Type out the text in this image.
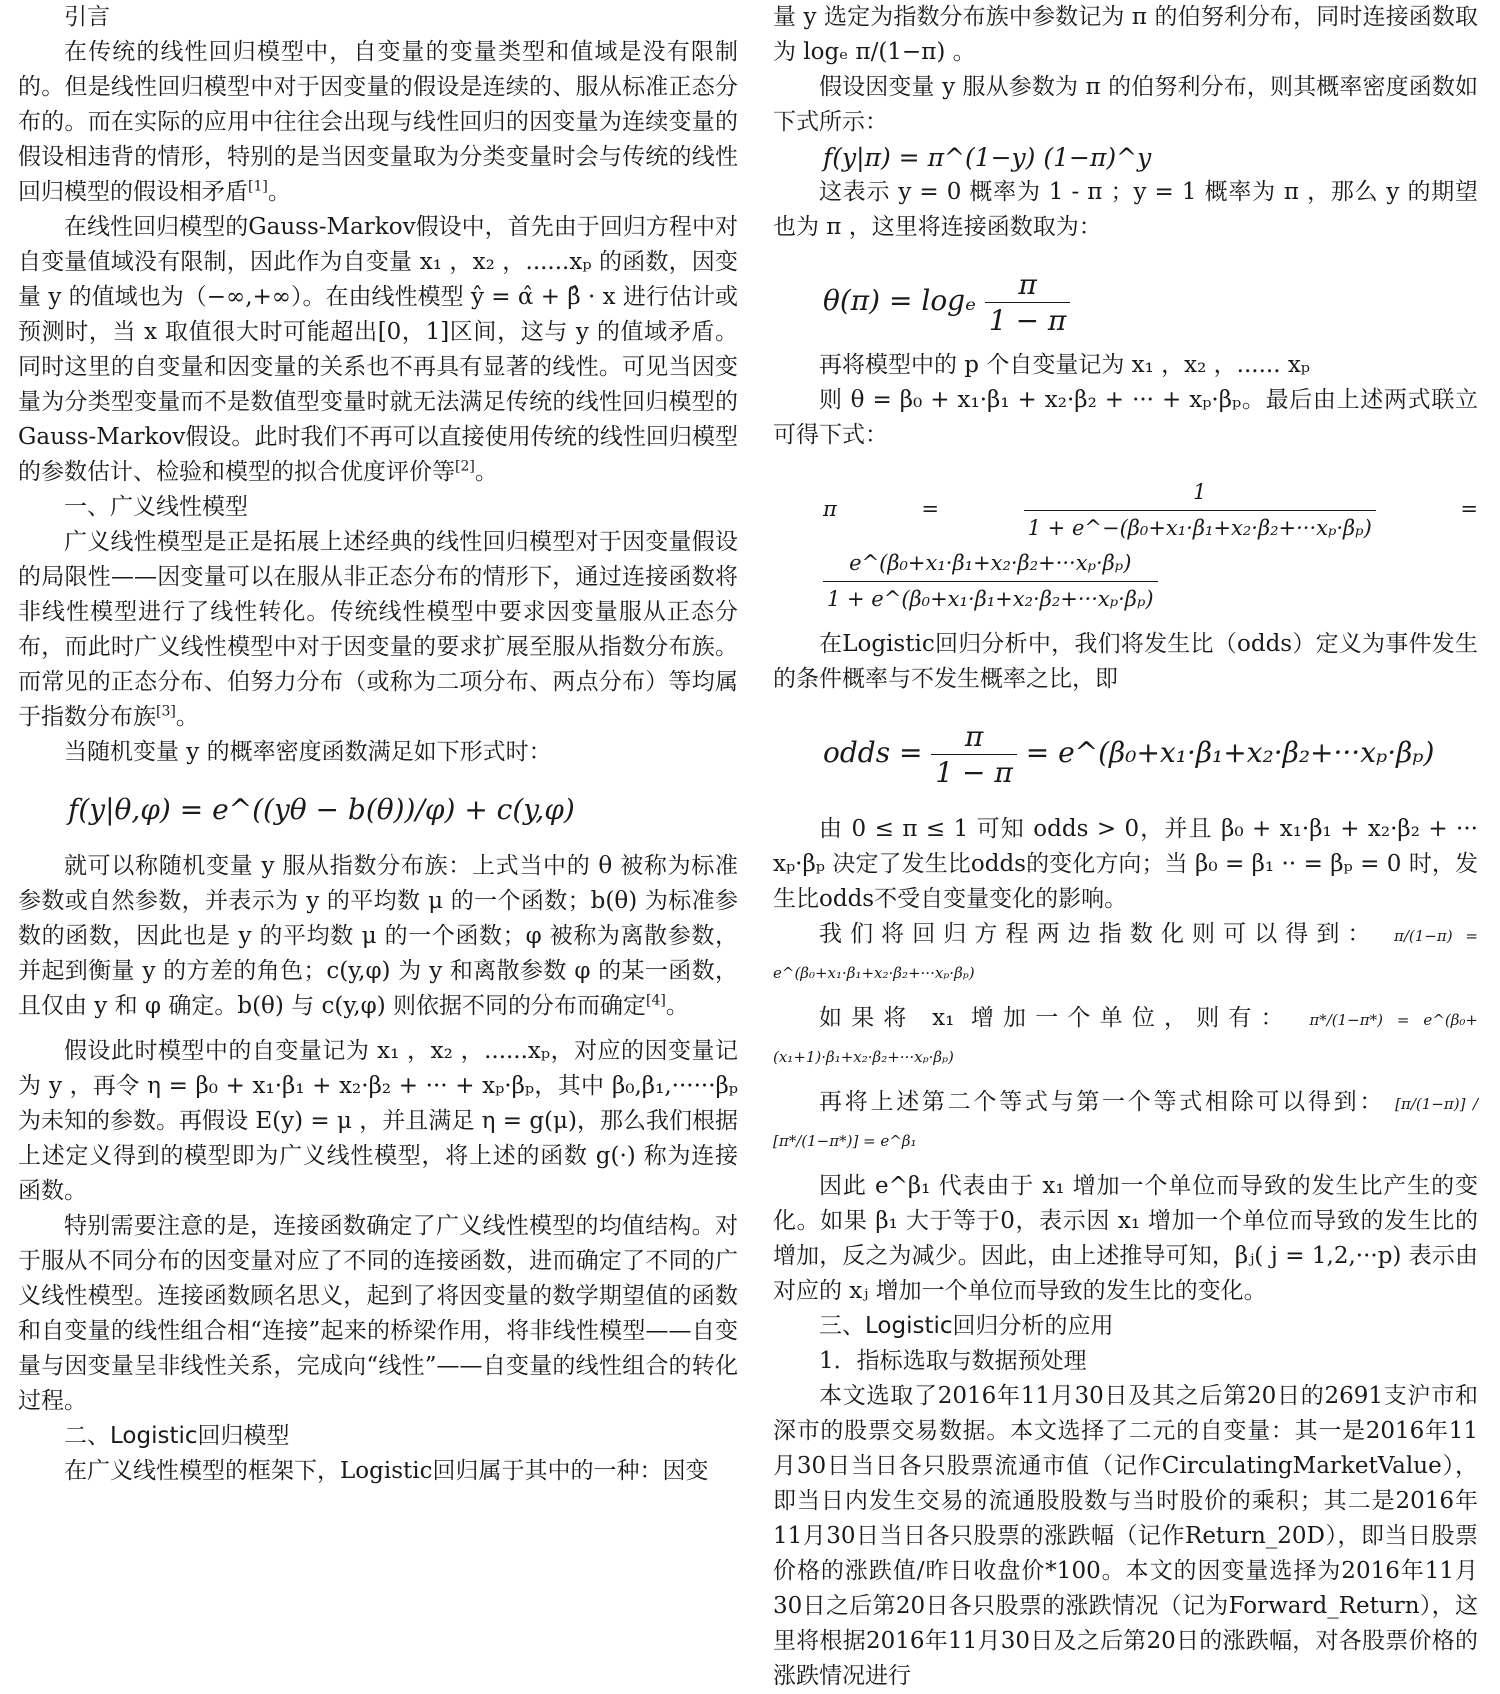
引言

在传统的线性回归模型中，自变量的变量类型和值域是没有限制的。但是线性回归模型中对于因变量的假设是连续的、服从标准正态分布的。而在实际的应用中往往会出现与线性回归的因变量为连续变量的假设相违背的情形，特别的是当因变量取为分类变量时会与传统的线性回归模型的假设相矛盾[1]。

在线性回归模型的Gauss-Markov假设中，首先由于回归方程中对自变量值域没有限制，因此作为自变量 x₁ ，x₂ ，......xₚ 的函数，因变量 y 的值域也为（−∞,+∞）。在由线性模型 ŷ = α̂ + β̂ · x 进行估计或预测时，当 x 取值很大时可能超出[0，1]区间，这与 y 的值域矛盾。同时这里的自变量和因变量的关系也不再具有显著的线性。可见当因变量为分类型变量而不是数值型变量时就无法满足传统的线性回归模型的Gauss-Markov假设。此时我们不再可以直接使用传统的线性回归模型的参数估计、检验和模型的拟合优度评价等[2]。

一、广义线性模型

广义线性模型是正是拓展上述经典的线性回归模型对于因变量假设的局限性——因变量可以在服从非正态分布的情形下，通过连接函数将非线性模型进行了线性转化。传统线性模型中要求因变量服从正态分布，而此时广义线性模型中对于因变量的要求扩展至服从指数分布族。而常见的正态分布、伯努力分布（或称为二项分布、两点分布）等均属于指数分布族[3]。

当随机变量 y 的概率密度函数满足如下形式时：

f(y|θ,φ) = e^((yθ − b(θ))/φ) + c(y,φ)

就可以称随机变量 y 服从指数分布族：上式当中的 θ 被称为标准参数或自然参数，并表示为 y 的平均数 μ 的一个函数；b(θ) 为标准参数的函数，因此也是 y 的平均数 μ 的一个函数；φ 被称为离散参数，并起到衡量 y 的方差的角色；c(y,φ) 为 y 和离散参数 φ 的某一函数，且仅由 y 和 φ 确定。b(θ) 与 c(y,φ) 则依据不同的分布而确定[4]。

假设此时模型中的自变量记为 x₁ ，x₂ ，......xₚ，对应的因变量记为 y ，再令 η = β₀ + x₁·β₁ + x₂·β₂ + ··· + xₚ·βₚ，其中 β₀,β₁,······βₚ 为未知的参数。再假设 E(y) = μ ，并且满足 η = g(μ)，那么我们根据上述定义得到的模型即为广义线性模型，将上述的函数 g(·) 称为连接函数。

特别需要注意的是，连接函数确定了广义线性模型的均值结构。对于服从不同分布的因变量对应了不同的连接函数，进而确定了不同的广义线性模型。连接函数顾名思义，起到了将因变量的数学期望值的函数和自变量的线性组合相“连接”起来的桥梁作用，将非线性模型——自变量与因变量呈非线性关系，完成向“线性”——自变量的线性组合的转化过程。

二、Logistic回归模型

在广义线性模型的框架下，Logistic回归属于其中的一种：因变

量 y 选定为指数分布族中参数记为 π 的伯努利分布，同时连接函数取为 logₑ π/(1−π) 。

假设因变量 y 服从参数为 π 的伯努利分布，则其概率密度函数如下式所示：

f(y|π) = π^(1−y) (1−π)^y

这表示 y = 0 概率为 1 - π ；y = 1 概率为 π ，那么 y 的期望也为 π ，这里将连接函数取为：

θ(π) = logₑ $\frac{\pi}{1 - \pi}$

再将模型中的 p 个自变量记为 x₁ ，x₂ ，...... xₚ

则 θ = β₀ + x₁·β₁ + x₂·β₂ + ··· + xₚ·βₚ。最后由上述两式联立可得下式：

π =	$\frac{1}{\text{1 + e\textasciicircum{}−(β₀+x₁·β₁+x₂·β₂+···xₚ·βₚ)}}$ =
$\frac{\text{e\textasciicircum{}(β₀+x₁·β₁+x₂·β₂+···xₚ·βₚ)}}{\text{1 + e\textasciicircum{}(β₀+x₁·β₁+x₂·β₂+···xₚ·βₚ)}}$

在Logistic回归分析中，我们将发生比（odds）定义为事件发生的条件概率与不发生概率之比，即

odds = $\frac{\pi}{1 - \pi}$ = e^(β₀+x₁·β₁+x₂·β₂+···xₚ·βₚ)

由 0 ≤ π ≤ 1 可知 odds > 0，并且 β₀ + x₁·β₁ + x₂·β₂ + ··· xₚ·βₚ 决定了发生比odds的变化方向；当 β₀ = β₁ ·· = βₚ = 0 时，发生比odds不受自变量变化的影响。

我们将回归方程两边指数化则可以得到： π/(1−π) = e^(β₀+x₁·β₁+x₂·β₂+···xₚ·βₚ)

如果将 x₁ 增加一个单位，则有： π*/(1−π*) = e^(β₀+(x₁+1)·β₁+x₂·β₂+···xₚ·βₚ)

再将上述第二个等式与第一个等式相除可以得到： [π/(1−π)] / [π*/(1−π*)] = e^β₁

因此 e^β₁ 代表由于 x₁ 增加一个单位而导致的发生比产生的变化。如果 β₁ 大于等于0，表示因 x₁ 增加一个单位而导致的发生比的增加，反之为减少。因此，由上述推导可知，βⱼ( j = 1,2,···p) 表示由对应的 xⱼ 增加一个单位而导致的发生比的变化。

三、Logistic回归分析的应用

1．指标选取与数据预处理

本文选取了2016年11月30日及其之后第20日的2691支沪市和深市的股票交易数据。本文选择了二元的自变量：其一是2016年11月30日当日各只股票流通市值（记作CirculatingMarketValue），即当日内发生交易的流通股股数与当时股价的乘积；其二是2016年11月30日当日各只股票的涨跌幅（记作Return_20D），即当日股票价格的涨跌值/昨日收盘价*100。本文的因变量选择为2016年11月30日之后第20日各只股票的涨跌情况（记为Forward_Return），这里将根据2016年11月30日及之后第20日的涨跌幅，对各股票价格的涨跌情况进行
